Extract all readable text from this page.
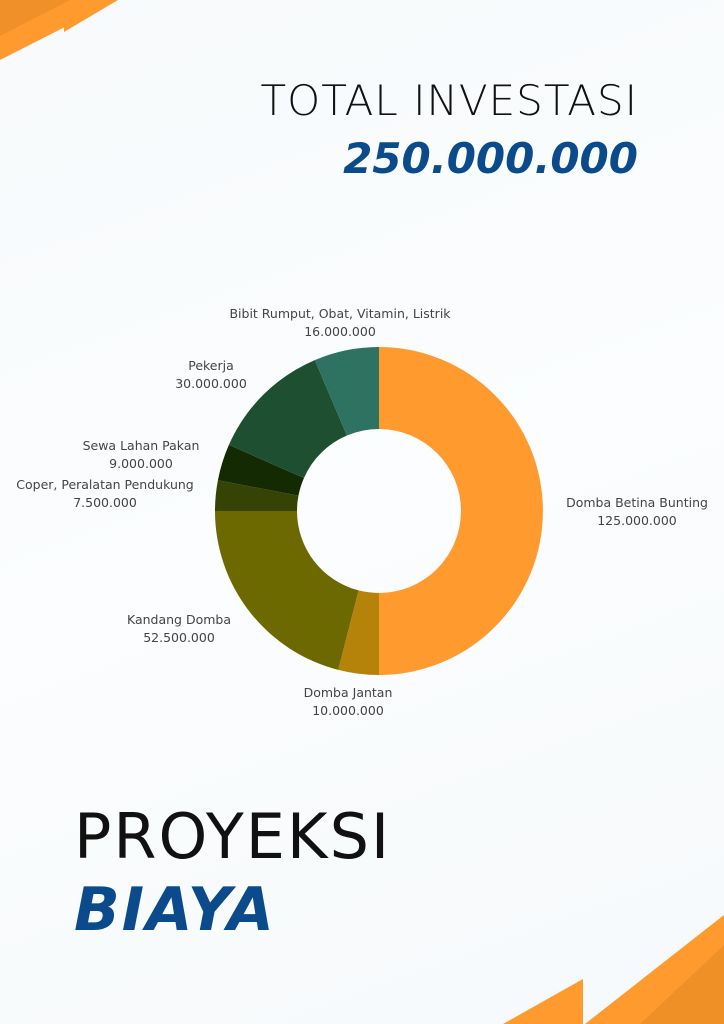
TOTAL INVESTASI
250.000.000
Domba Betina Bunting
125.000.000
Domba Jantan
10.000.000
Kandang Domba
52.500.000
Coper, Peralatan Pendukung
7.500.000
Sewa Lahan Pakan
9.000.000
Pekerja
30.000.000
Bibit Rumput, Obat, Vitamin, Listrik
16.000.000
PROYEKSI
BIAYA
